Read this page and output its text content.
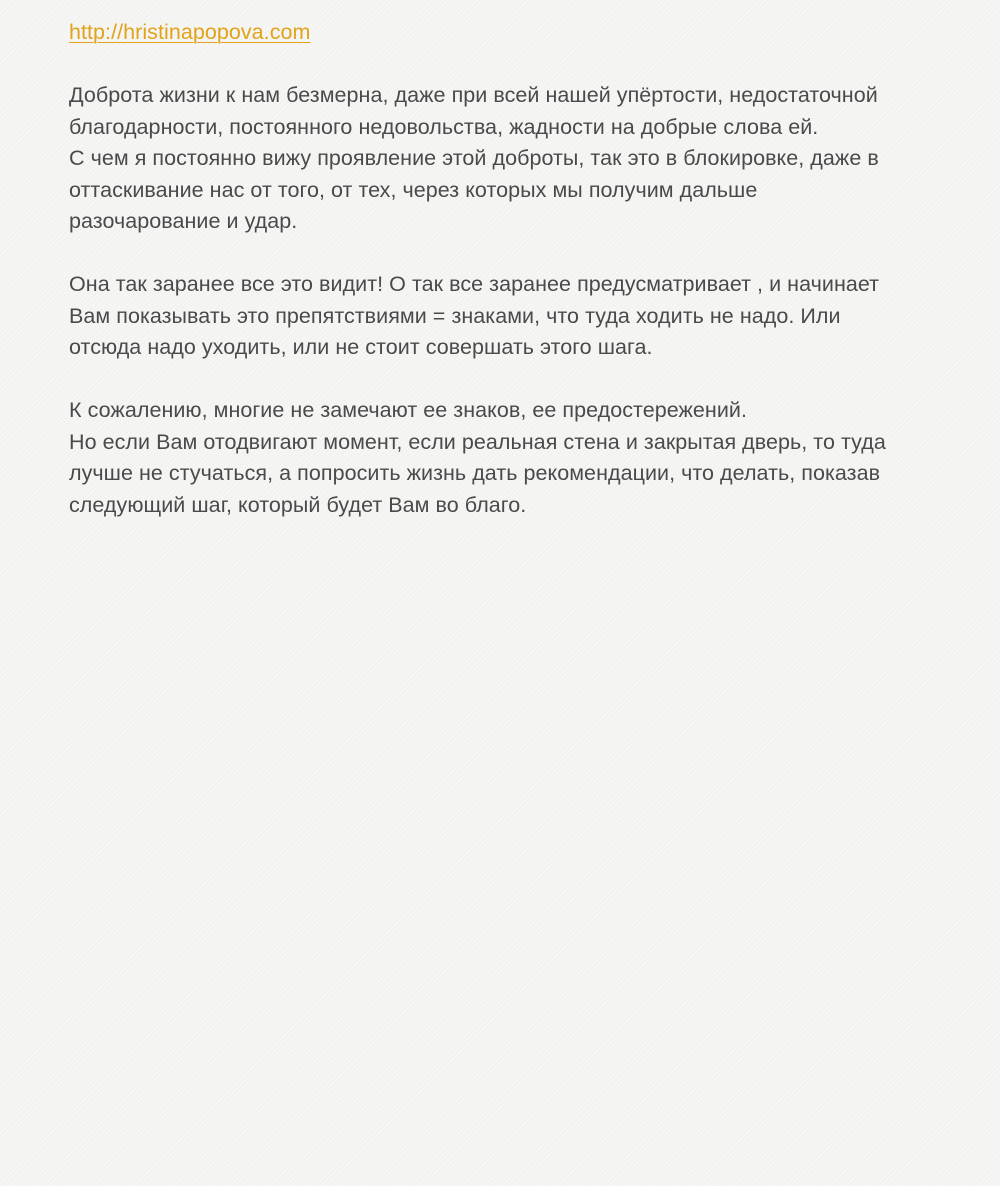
http://hristinapopova.com
Доброта жизни к нам безмерна, даже при всей нашей упёртости, недостаточной
благодарности, постоянного недовольства, жадности на добрые слова ей.
С чем я постоянно вижу проявление этой доброты, так это в блокировке, даже в
оттаскивание нас от того, от тех, через которых мы получим дальше
разочарование и удар.
Она так заранее все это видит! О так все заранее предусматривает , и начинает
Вам показывать это препятствиями = знаками, что туда ходить не надо. Или
отсюда надо уходить, или не стоит совершать этого шага.
К сожалению, многие не замечают ее знаков, ее предостережений.
Но если Вам отодвигают момент, если реальная стена и закрытая дверь, то туда
лучше не стучаться, а попросить жизнь дать рекомендации, что делать, показав
следующий шаг, который будет Вам во благо.
